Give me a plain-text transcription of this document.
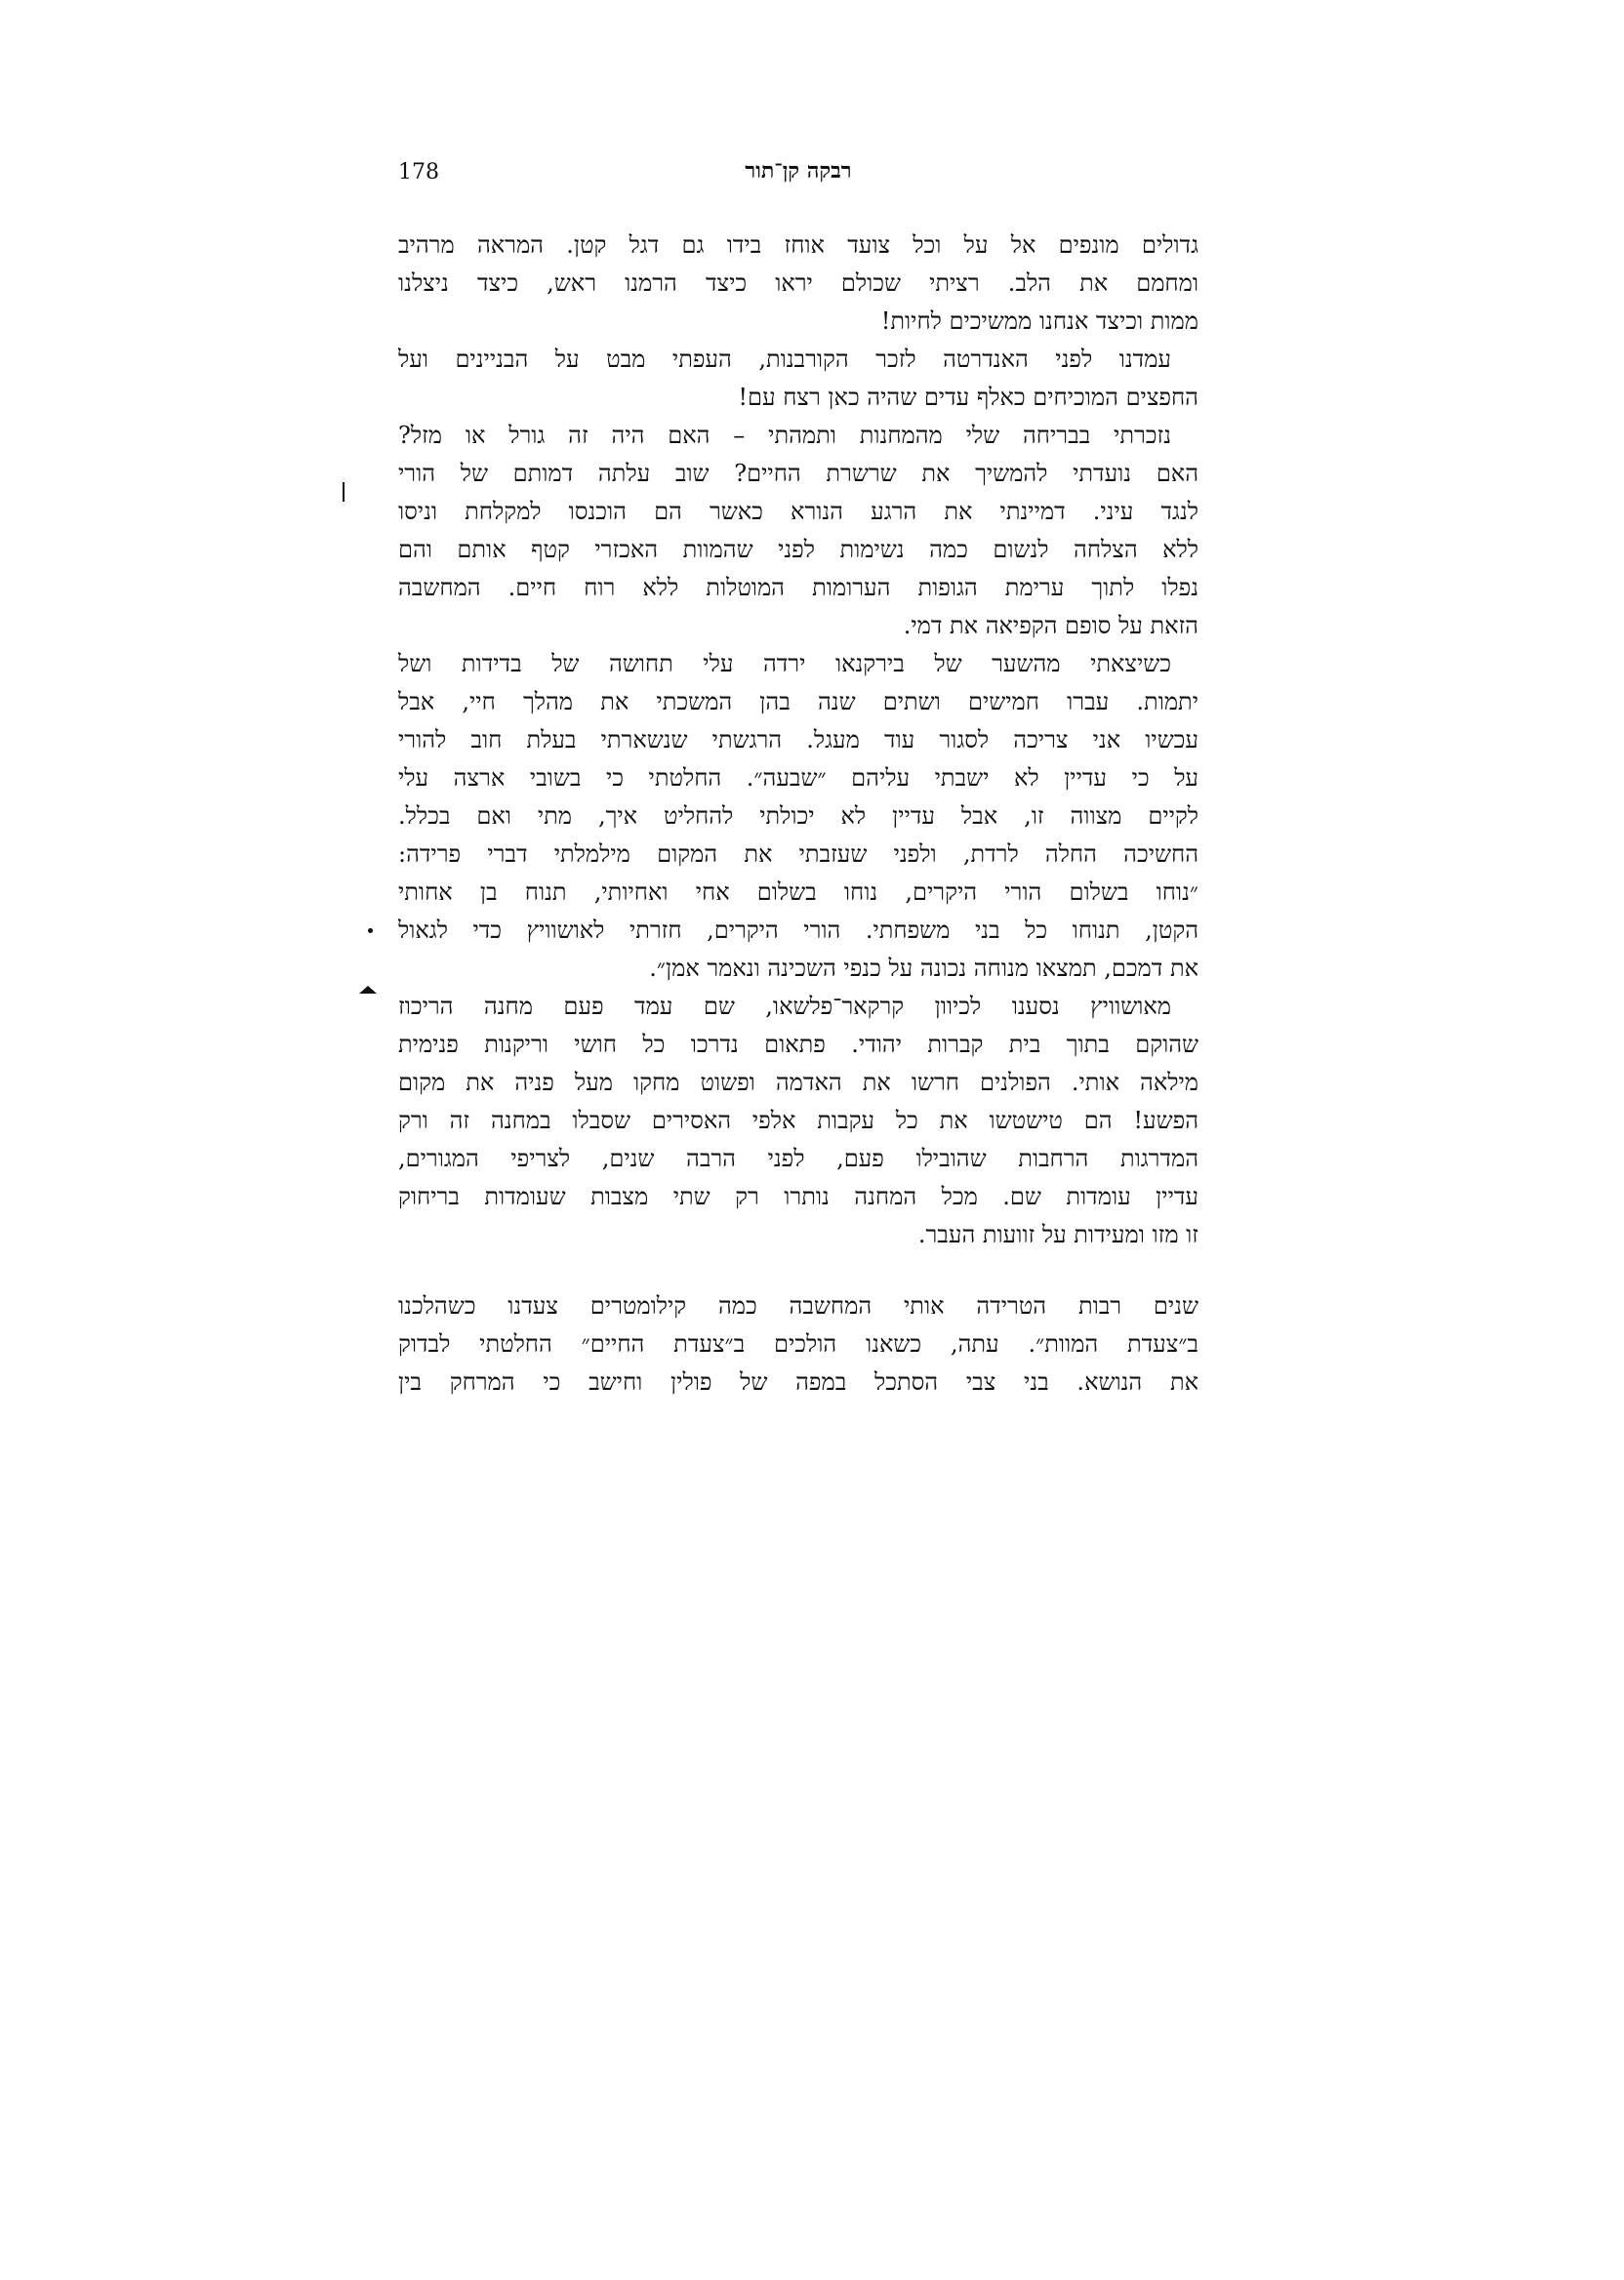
178	רבקה קן־תור
גדולים מונפים אל על וכל צועד אוחז בידו גם דגל קטן. המראה מרהיב
ומחמם את הלב. רציתי שכולם יראו כיצד הרמנו ראש, כיצד ניצלנו
ממות וכיצד אנחנו ממשיכים לחיות!
עמדנו לפני האנדרטה לזכר הקורבנות, העפתי מבט על הבניינים ועל
החפצים המוכיחים כאלף עדים שהיה כאן רצח עם!
נזכרתי בבריחה שלי מהמחנות ותמהתי – האם היה זה גורל או מזל?
האם נועדתי להמשיך את שרשרת החיים? שוב עלתה דמותם של הורי
לנגד עיני. דמיינתי את הרגע הנורא כאשר הם הוכנסו למקלחת וניסו
ללא הצלחה לנשום כמה נשימות לפני שהמוות האכזרי קטף אותם והם
נפלו לתוך ערימת הגופות הערומות המוטלות ללא רוח חיים. המחשבה
הזאת על סופם הקפיאה את דמי.
כשיצאתי מהשער של בירקנאו ירדה עלי תחושה של בדידות ושל
יתמות. עברו חמישים ושתים שנה בהן המשכתי את מהלך חיי, אבל
עכשיו אני צריכה לסגור עוד מעגל. הרגשתי שנשארתי בעלת חוב להורי
על כי עדיין לא ישבתי עליהם ״שבעה״. החלטתי כי בשובי ארצה עלי
לקיים מצווה זו, אבל עדיין לא יכולתי להחליט איך, מתי ואם בכלל.
החשיכה החלה לרדת, ולפני שעזבתי את המקום מילמלתי דברי פרידה:
״נוחו בשלום הורי היקרים, נוחו בשלום אחי ואחיותי, תנוח בן אחותי
הקטן, תנוחו כל בני משפחתי. הורי היקרים, חזרתי לאושוויץ כדי לגאול
את דמכם, תמצאו מנוחה נכונה על כנפי השכינה ונאמר אמן״.
מאושוויץ נסענו לכיוון קרקאר־פלשאו, שם עמד פעם מחנה הריכוז
שהוקם בתוך בית קברות יהודי. פתאום נדרכו כל חושי וריקנות פנימית
מילאה אותי. הפולנים חרשו את האדמה ופשוט מחקו מעל פניה את מקום
הפשע! הם טישטשו את כל עקבות אלפי האסירים שסבלו במחנה זה ורק
המדרגות הרחבות שהובילו פעם, לפני הרבה שנים, לצריפי המגורים,
עדיין עומדות שם. מכל המחנה נותרו רק שתי מצבות שעומדות בריחוק
זו מזו ומעידות על זוועות העבר.
שנים רבות הטרידה אותי המחשבה כמה קילומטרים צעדנו כשהלכנו
ב״צעדת המוות״. עתה, כשאנו הולכים ב״צעדת החיים״ החלטתי לבדוק
את הנושא. בני צבי הסתכל במפה של פולין וחישב כי המרחק בין
